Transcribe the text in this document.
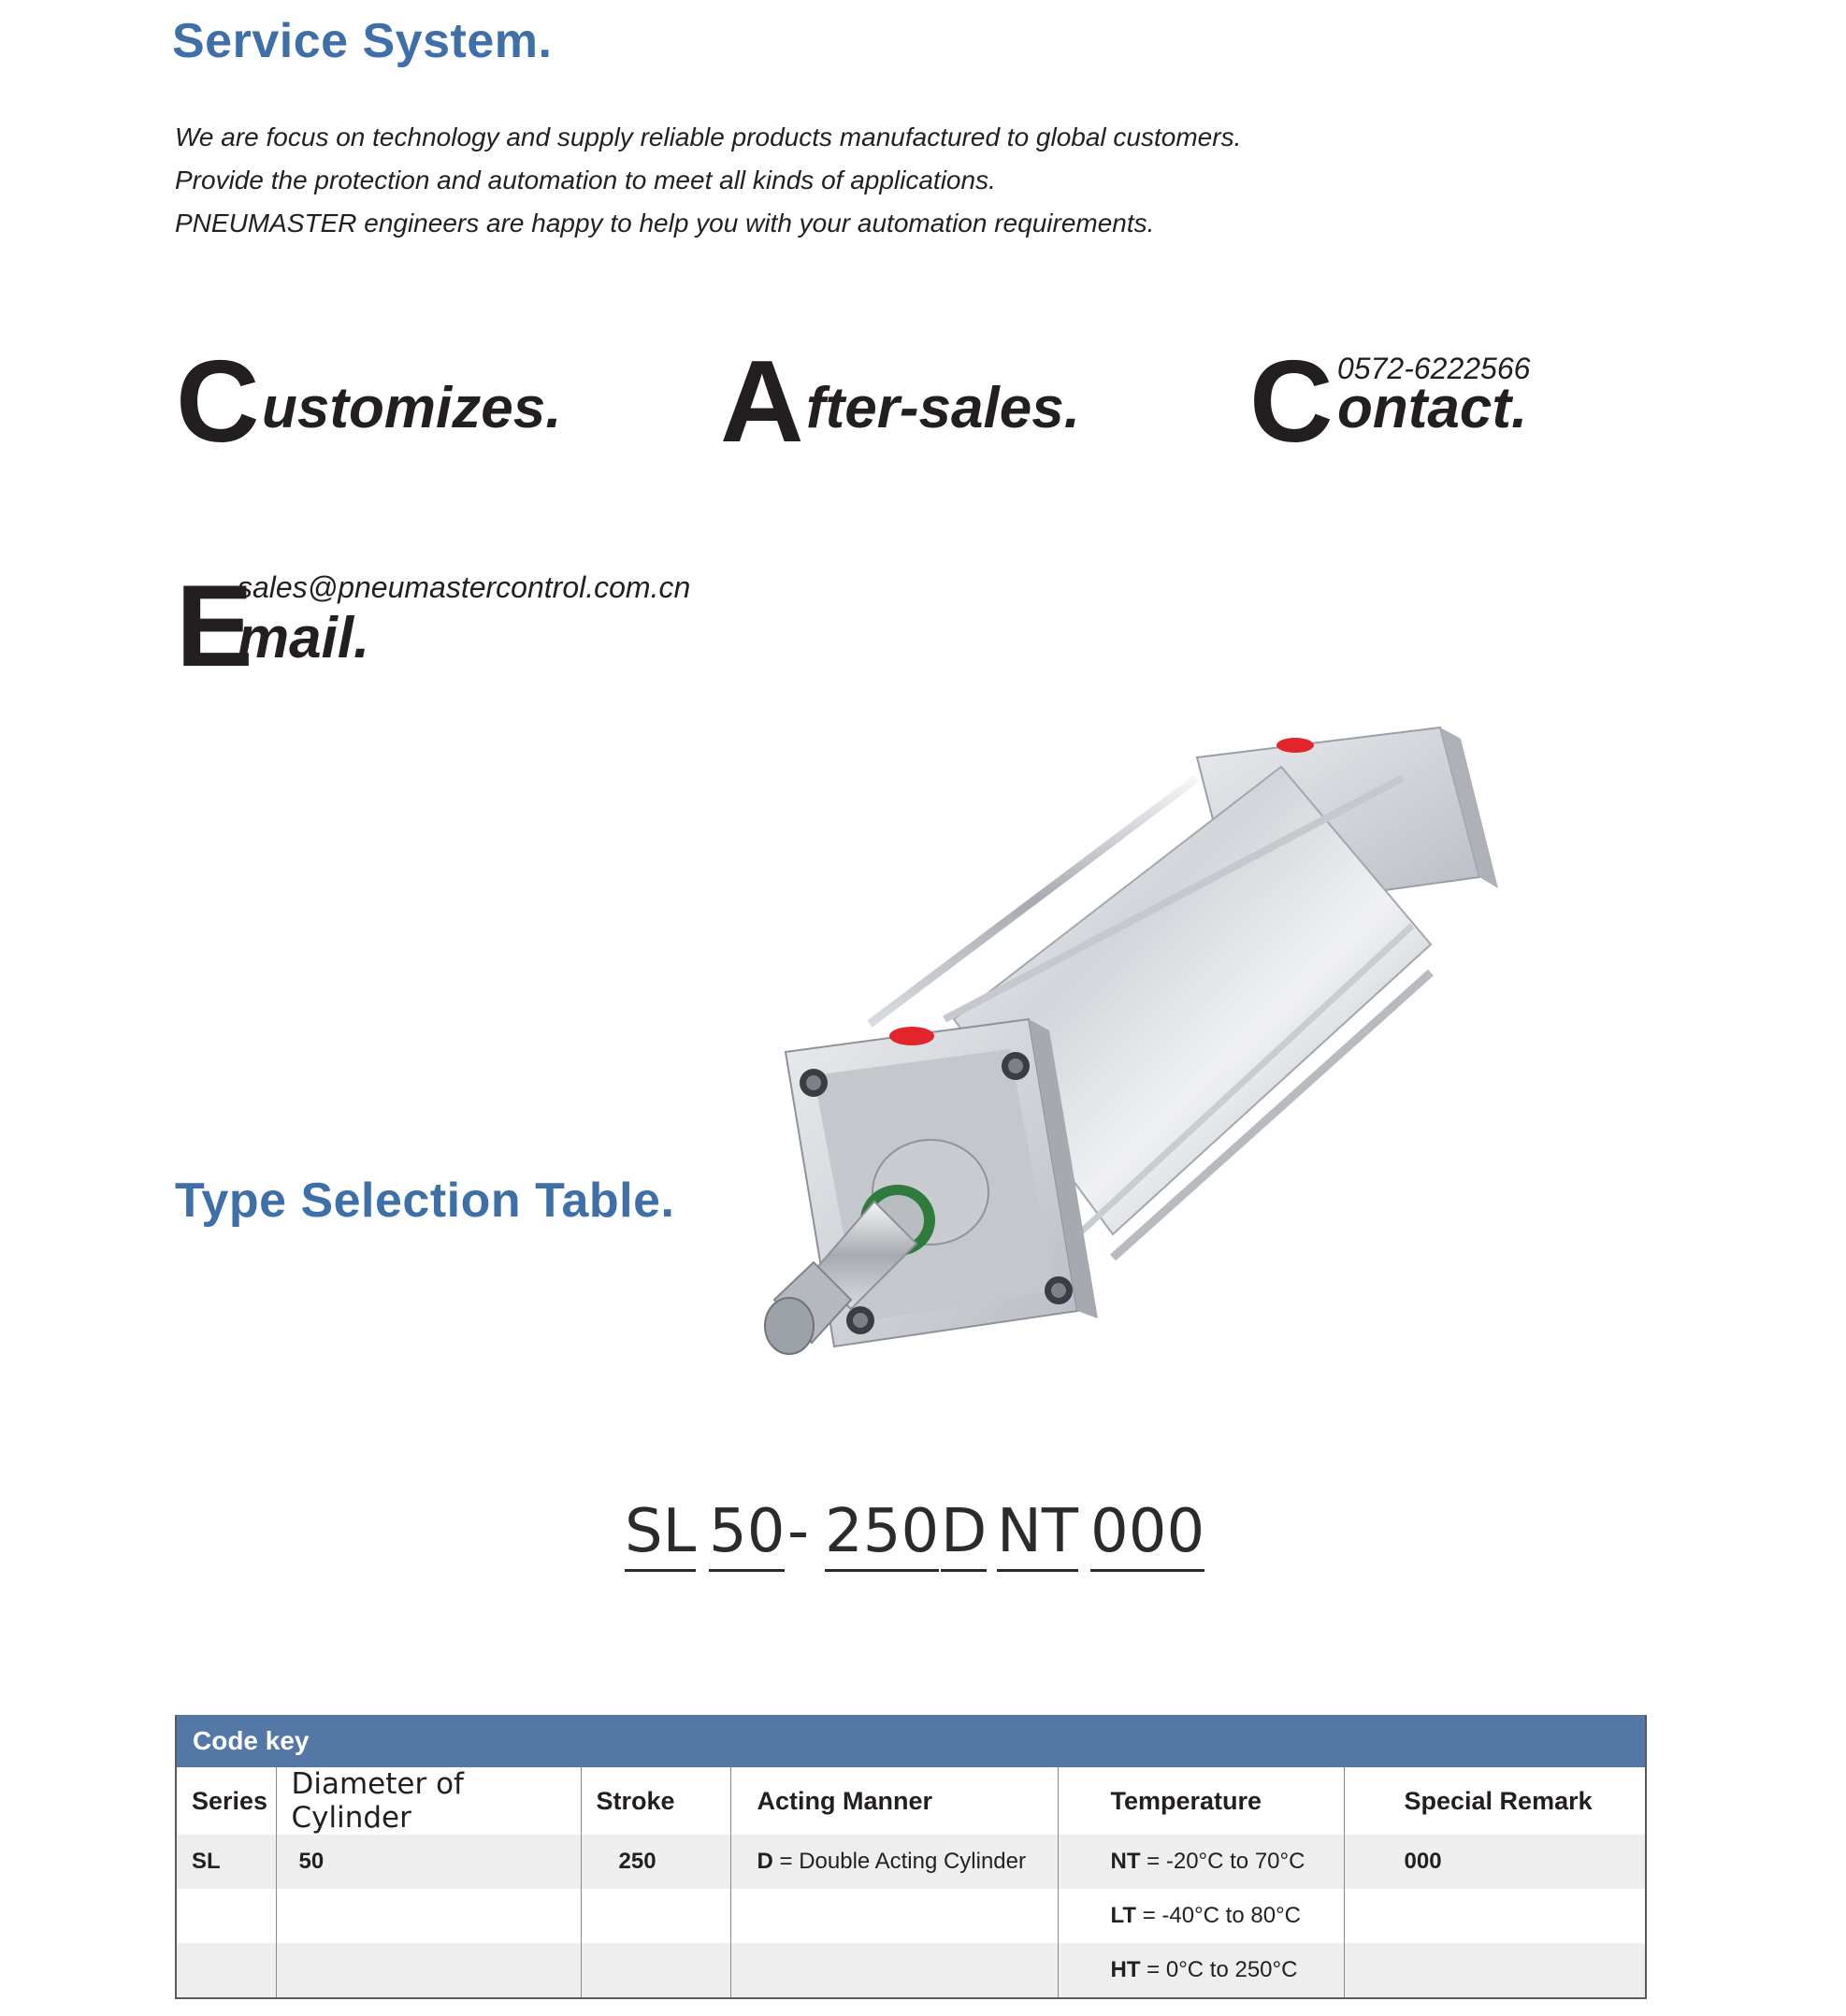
Service System.
We are focus on technology and supply reliable products manufactured to global customers.
Provide the protection and automation to meet all kinds of applications.
PNEUMASTER engineers are happy to help you with your automation requirements.
C ustomizes. A fter-sales. C 0572-6222566
ontact.
E
sales@pneumastercontrol.com.cn
mail.
Type Selection Table.
SL 50 - 250 D NT 000
Code key					
Series	Diameter of Cylinder	Stroke	Acting Manner	Temperature	Special Remark
SL	50	250	D = Double Acting Cylinder	NT = -20°C to 70°C	000
				LT = -40°C to 80°C	
				HT = 0°C to 250°C	
